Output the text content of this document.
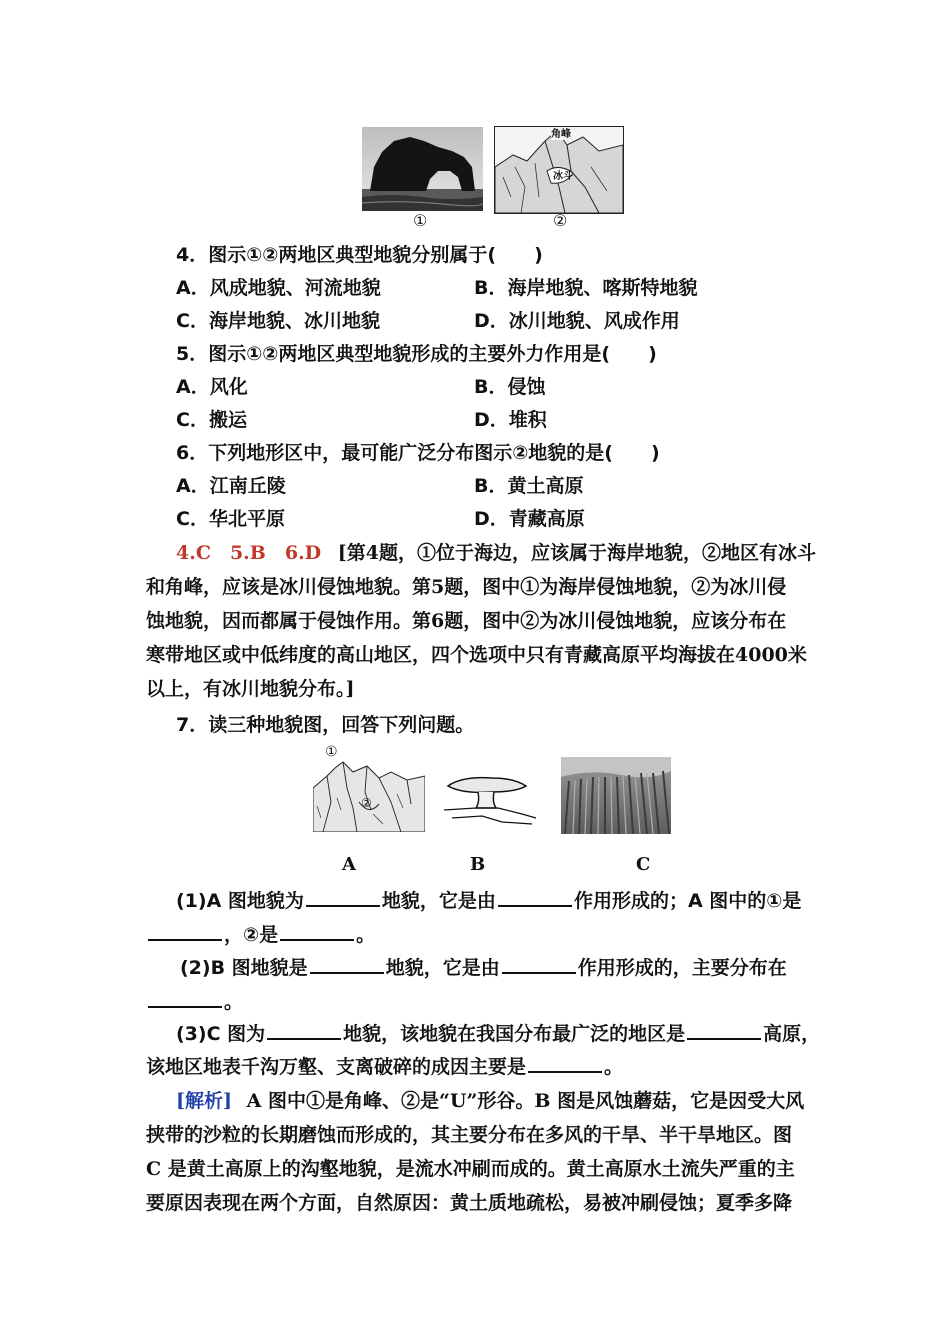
角峰
冰斗
①	②
4．图示①②两地区典型地貌分别属于(　　)
A．风成地貌、河流地貌	B．海岸地貌、喀斯特地貌
C．海岸地貌、冰川地貌	D．冰川地貌、风成作用
5．图示①②两地区典型地貌形成的主要外力作用是(　　)
A．风化	B．侵蚀
C．搬运	D．堆积
6．下列地形区中，最可能广泛分布图示②地貌的是(　　)
A．江南丘陵	B．黄土高原
C．华北平原	D．青藏高原
4.C　5.B　6.D [第4题，①位于海边，应该属于海岸地貌，②地区有冰斗
和角峰，应该是冰川侵蚀地貌。第5题，图中①为海岸侵蚀地貌，②为冰川侵
蚀地貌，因而都属于侵蚀作用。第6题，图中②为冰川侵蚀地貌，应该分布在
寒带地区或中低纬度的高山地区，四个选项中只有青藏高原平均海拔在4000米
以上，有冰川地貌分布。]
7．读三种地貌图，回答下列问题。
①
②
A	B	C
(1)A 图地貌为	地貌，它是由	作用形成的；A 图中的①是
，②是	。
(2)B 图地貌是	地貌，它是由	作用形成的，主要分布在
。
(3)C 图为	地貌，该地貌在我国分布最广泛的地区是	高原，
该地区地表千沟万壑、支离破碎的成因主要是	。
[解析] A 图中①是角峰、②是“U”形谷。B 图是风蚀蘑菇，它是因受大风
挟带的沙粒的长期磨蚀而形成的，其主要分布在多风的干旱、半干旱地区。图
C 是黄土高原上的沟壑地貌，是流水冲刷而成的。黄土高原水土流失严重的主
要原因表现在两个方面，自然原因：黄土质地疏松，易被冲刷侵蚀；夏季多降
